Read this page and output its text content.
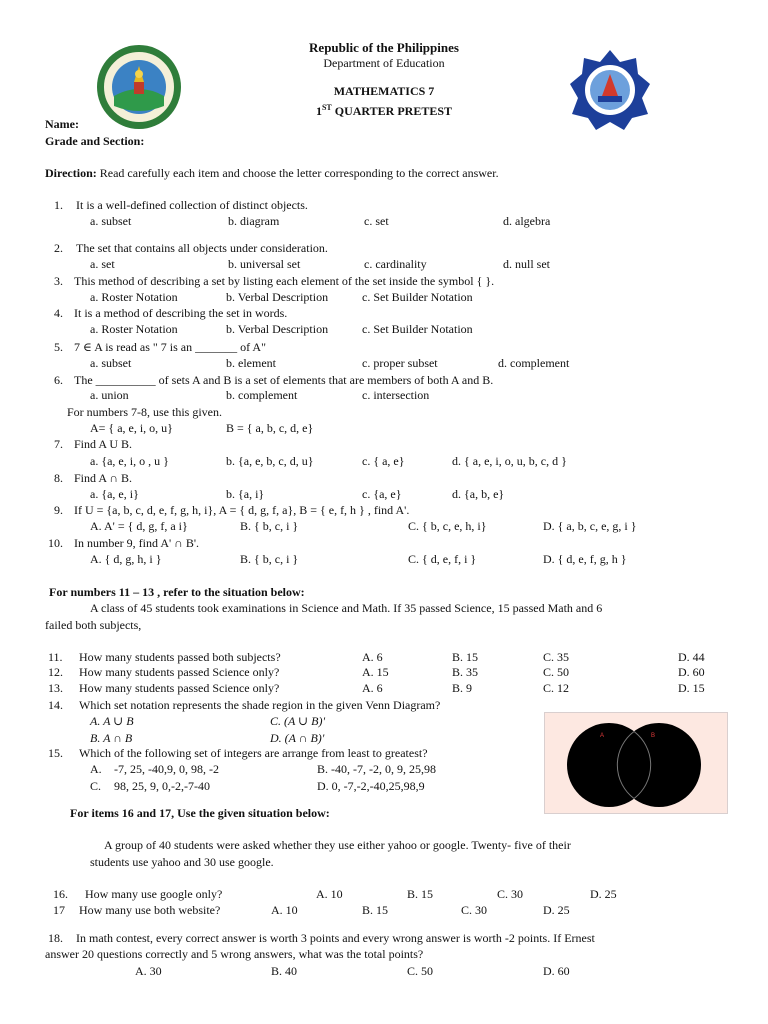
Republic of the Philippines
Department of Education
MATHEMATICS 7
1ST QUARTER PRETEST
Name:
Grade and Section:
Direction: Read carefully each item and choose the letter corresponding to the correct answer.
1. It is a well-defined collection of distinct objects.
a. subset	b. diagram	c. set	d. algebra
2. The set that contains all objects under consideration.
a. set	b. universal set	c. cardinality	d. null set
3. This method of describing a set by listing each element of the set inside the symbol { }.
a. Roster Notation	b. Verbal Description	c. Set Builder Notation
4. It is a method of describing the set in words.
a. Roster Notation	b. Verbal Description	c. Set Builder Notation
5. 7 ∈ A is read as " 7 is an _______ of A"
a. subset	b. element	c. proper subset	d. complement
6. The __________ of sets A and B is a set of elements that are members of both A and B.
a. union	b. complement	c. intersection
For numbers 7-8, use this given.
A= { a, e, i, o, u}	B = { a, b, c, d, e}
7. Find A U B.
a. {a, e, i, o , u }	b. {a, e, b, c, d, u}	c. { a, e}	d. { a, e, i, o, u, b, c, d }
8. Find A ∩ B.
a. {a, e, i}	b. {a, i}	c. {a, e}	d. {a, b, e}
9. If U = {a, b, c, d, e, f, g, h, i}, A = { d, g, f, a}, B = { e, f, h } , find A'.
A. A' = { d, g, f, a i}	B. { b, c, i }	C. { b, c, e, h, i}	D. { a, b, c, e, g, i }
10. In number 9, find A' ∩ B'.
A. { d, g, h, i }	B. { b, c, i }	C. { d, e, f, i }	D. { d, e, f, g, h }
For numbers 11 – 13 , refer to the situation below:
A class of 45 students took examinations in Science and Math. If 35 passed Science, 15 passed Math and 6
failed both subjects,
11. How many students passed both subjects?	A. 6	B. 15	C. 35	D. 44
12. How many students passed Science only?	A. 15	B. 35	C. 50	D. 60
13. How many students passed Science only?	A. 6	B. 9	C. 12	D. 15
14. Which set notation represents the shade region in the given Venn Diagram?
A. A ∪ B	C. (A ∪ B)'
B. A ∩ B	D. (A ∩ B)'	A	B
15. Which of the following set of integers are arrange from least to greatest?
A. -7, 25, -40,9, 0, 98, -2	B. -40, -7, -2, 0, 9, 25,98
C. 98, 25, 9, 0,-2,-7-40	D. 0, -7,-2,-40,25,98,9
For items 16 and 17, Use the given situation below:
A group of 40 students were asked whether they use either yahoo or google. Twenty- five of their
students use yahoo and 30 use google.
16. How many use google only?	A. 10	B. 15	C. 30	D. 25
17 How many use both website?	A. 10	B. 15	C. 30	D. 25
18. In math contest, every correct answer is worth 3 points and every wrong answer is worth -2 points. If Ernest
answer 20 questions correctly and 5 wrong answers, what was the total points?
A. 30	B. 40	C. 50	D. 60
